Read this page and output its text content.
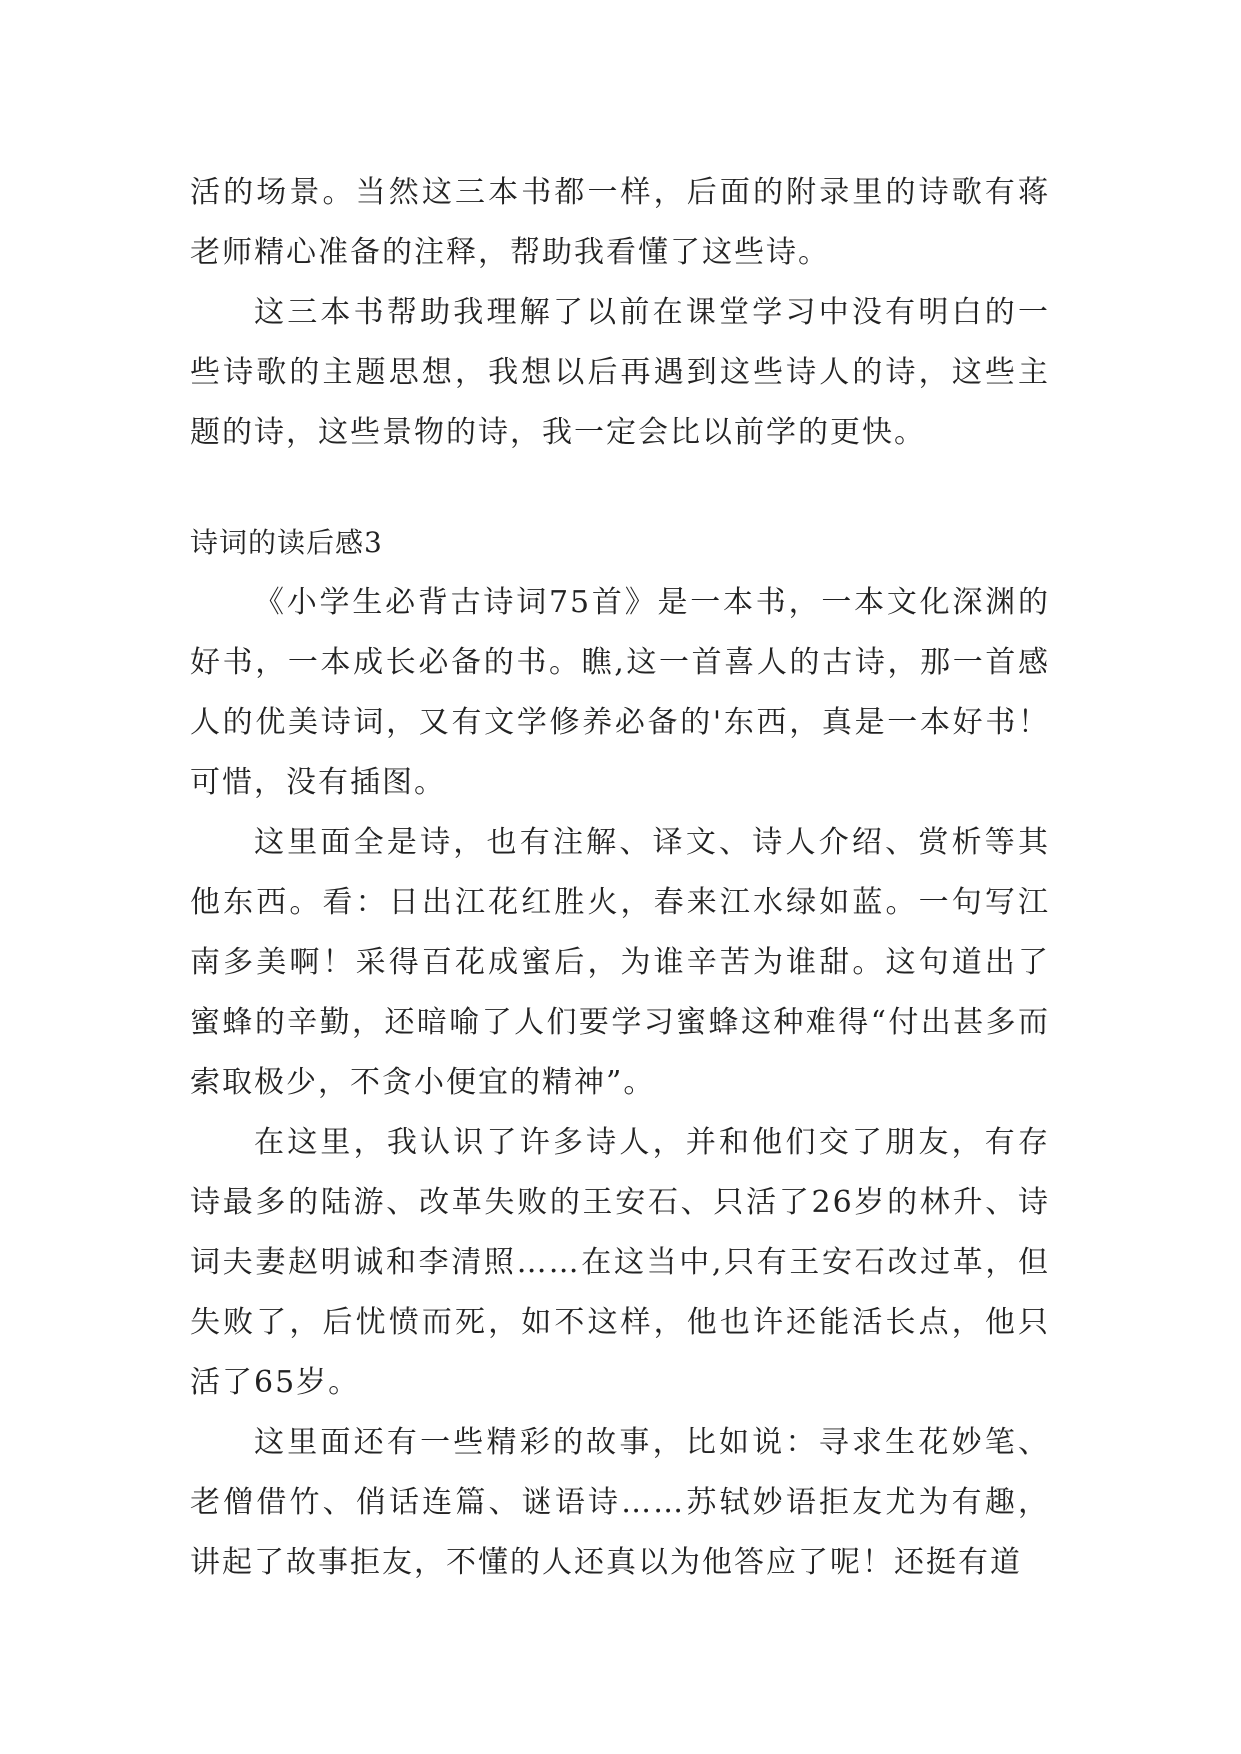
活的场景。当然这三本书都一样，后面的附录里的诗歌有蒋老师精心准备的注释，帮助我看懂了这些诗。

这三本书帮助我理解了以前在课堂学习中没有明白的一些诗歌的主题思想，我想以后再遇到这些诗人的诗，这些主题的诗，这些景物的诗，我一定会比以前学的更快。

诗词的读后感3

《小学生必背古诗词75首》是一本书，一本文化深渊的好书，一本成长必备的书。瞧,这一首喜人的古诗，那一首感人的优美诗词，又有文学修养必备的'东西，真是一本好书！可惜，没有插图。

这里面全是诗，也有注解、译文、诗人介绍、赏析等其他东西。看：日出江花红胜火，春来江水绿如蓝。一句写江南多美啊！采得百花成蜜后，为谁辛苦为谁甜。这句道出了蜜蜂的辛勤，还暗喻了人们要学习蜜蜂这种难得“付出甚多而索取极少，不贪小便宜的精神”。

在这里，我认识了许多诗人，并和他们交了朋友，有存诗最多的陆游、改革失败的王安石、只活了26岁的林升、诗词夫妻赵明诚和李清照……在这当中,只有王安石改过革，但失败了，后忧愤而死，如不这样，他也许还能活长点，他只活了65岁。

这里面还有一些精彩的故事，比如说：寻求生花妙笔、老僧借竹、俏话连篇、谜语诗……苏轼妙语拒友尤为有趣，讲起了故事拒友，不懂的人还真以为他答应了呢！还挺有道
